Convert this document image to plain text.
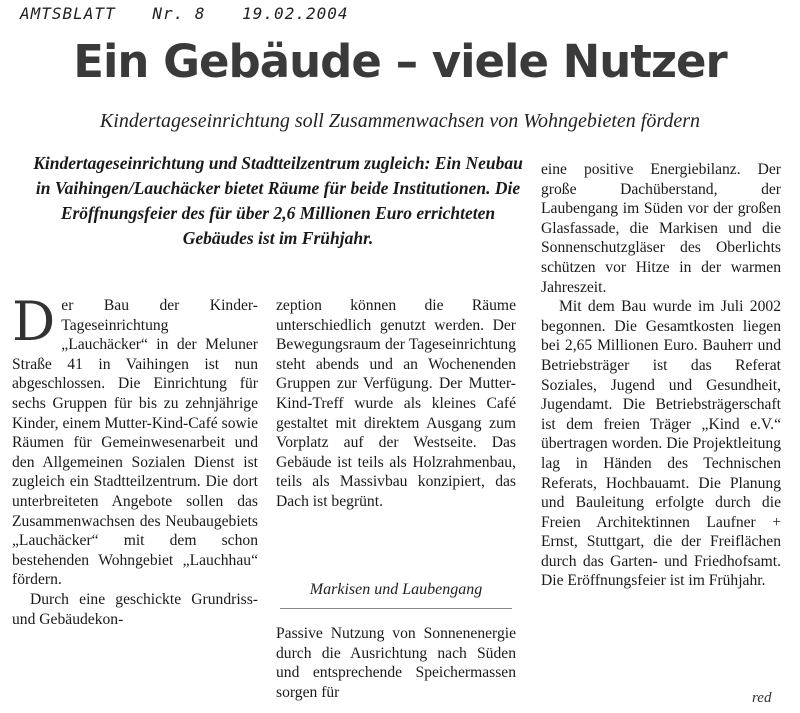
AMTSBLATT Nr. 8 19.02.2004
Ein Gebäude – viele Nutzer
Kindertageseinrichtung soll Zusammenwachsen von Wohngebieten fördern
Kindertageseinrichtung und Stadtteilzentrum zugleich: Ein Neubau in Vaihingen/Lauchäcker bietet Räume für beide Institutionen. Die Eröffnungsfeier des für über 2,6 Millionen Euro errichteten Gebäudes ist im Frühjahr.

Der Bau der Kinder-Tageseinrichtung „Lauchäcker“ in der Meluner Straße 41 in Vaihingen ist nun abgeschlossen. Die Einrichtung für sechs Gruppen für bis zu zehnjährige Kinder, einem Mutter-Kind-Café sowie Räumen für Gemeinwesenarbeit und den Allgemeinen Sozialen Dienst ist zugleich ein Stadtteilzentrum. Die dort unterbreiteten Angebote sollen das Zusammenwachsen des Neubaugebiets „Lauchäcker“ mit dem schon bestehenden Wohngebiet „Lauchhau“ fördern.

Durch eine geschickte Grundriss- und Gebäudekon-

zeption können die Räume unterschiedlich genutzt werden. Der Bewegungsraum der Tageseinrichtung steht abends und an Wochenenden Gruppen zur Verfügung. Der Mutter-Kind-Treff wurde als kleines Café gestaltet mit direktem Ausgang zum Vorplatz auf der Westseite. Das Gebäude ist teils als Holzrahmenbau, teils als Massivbau konzipiert, das Dach ist begrünt.

Markisen und Laubengang

Passive Nutzung von Sonnenenergie durch die Ausrichtung nach Süden und entsprechende Speichermassen sorgen für

eine positive Energiebilanz. Der große Dachüberstand, der Laubengang im Süden vor der großen Glasfassade, die Markisen und die Sonnenschutzgläser des Oberlichts schützen vor Hitze in der warmen Jahreszeit.

Mit dem Bau wurde im Juli 2002 begonnen. Die Gesamtkosten liegen bei 2,65 Millionen Euro. Bauherr und Betriebsträger ist das Referat Soziales, Jugend und Gesundheit, Jugendamt. Die Betriebsträgerschaft ist dem freien Träger „Kind e.V.“ übertragen worden. Die Projektleitung lag in Händen des Technischen Referats, Hochbauamt. Die Planung und Bauleitung erfolgte durch die Freien Architektinnen Laufner + Ernst, Stuttgart, die der Freiflächen durch das Garten- und Friedhofsamt. Die Eröffnungsfeier ist im Frühjahr.

red
